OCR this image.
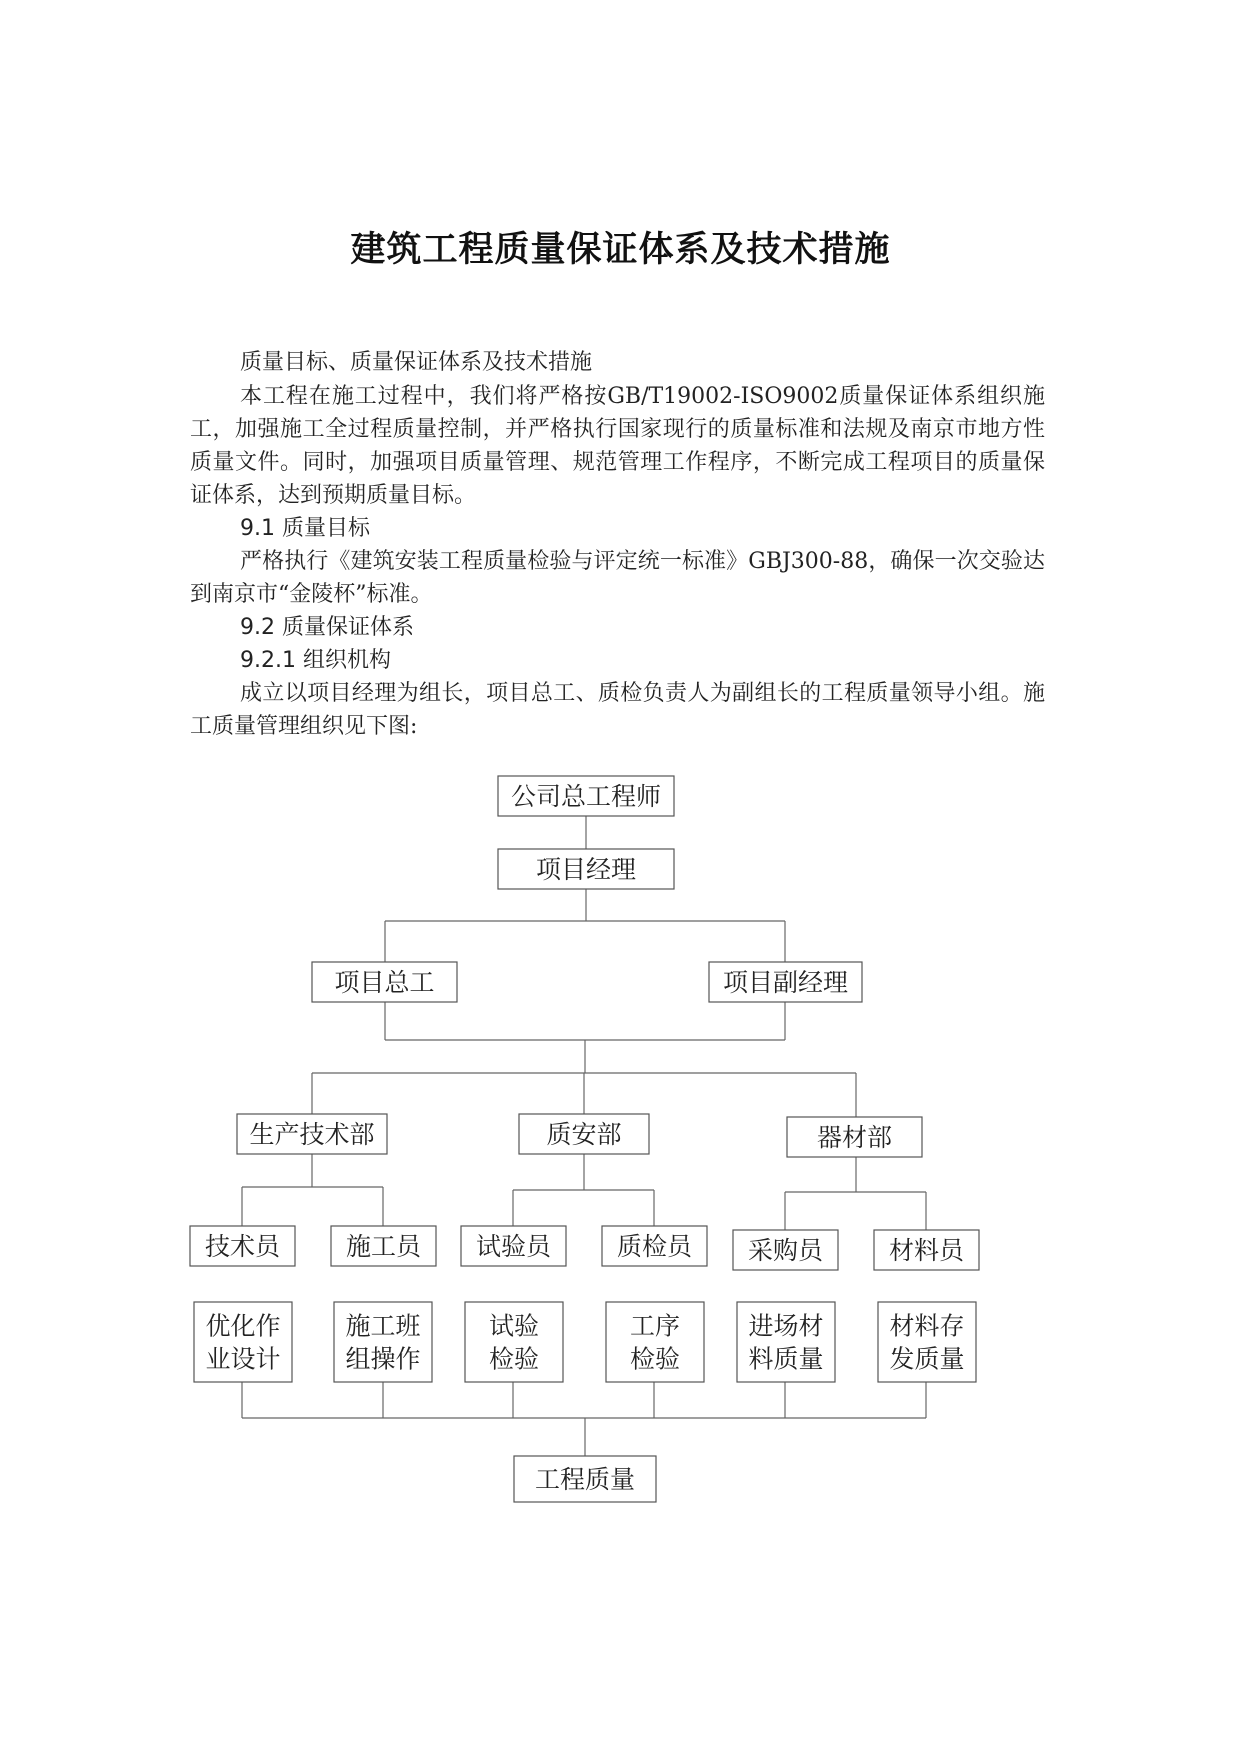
建筑工程质量保证体系及技术措施

质量目标、质量保证体系及技术措施

本工程在施工过程中，我们将严格按GB/T19002-ISO9002质量保证体系组织施工，加强施工全过程质量控制，并严格执行国家现行的质量标准和法规及南京市地方性质量文件。同时，加强项目质量管理、规范管理工作程序，不断完成工程项目的质量保证体系，达到预期质量目标。

9.1 质量目标

严格执行《建筑安装工程质量检验与评定统一标准》GBJ300-88，确保一次交验达到南京市“金陵杯”标准。

9.2 质量保证体系

9.2.1 组织机构

成立以项目经理为组长，项目总工、质检负责人为副组长的工程质量领导小组。施工质量管理组织见下图:

公司总工程师
项目经理
项目总工	项目副经理
生产技术部	质安部	器材部
技术员	施工员 试验员	质检员 采购员	材料员
优化作
业设计
施工班
组操作
试验
检验
工序
检验
进场材
料质量
材料存
发质量
工程质量
